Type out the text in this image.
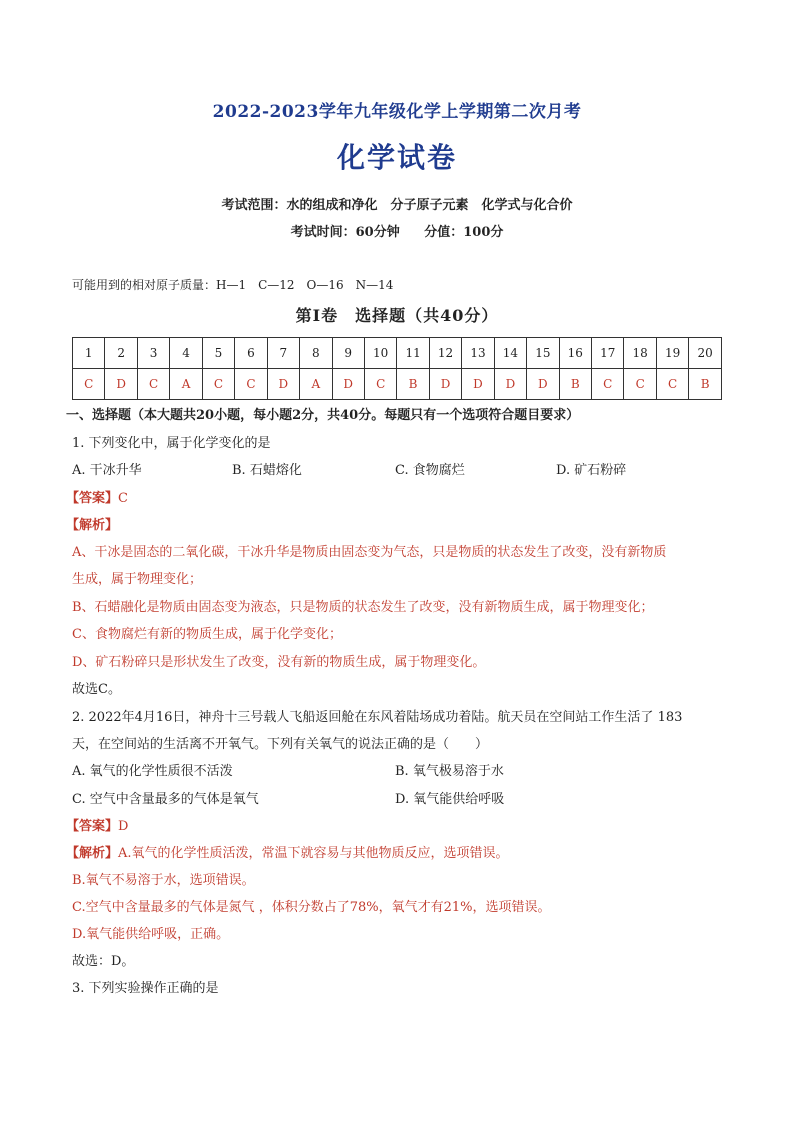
2022-2023学年九年级化学上学期第二次月考
化学试卷
考试范围：水的组成和净化　分子原子元素　化学式与化合价
考试时间：60分钟 分值：100分
可能用到的相对原子质量：H—1　C—12　O—16　N—14
第Ⅰ卷　选择题（共40分）
1	2	3	4	5	6	7	8	9	10	11	12	13	14	15	16	17	18	19	20
C	D	C	A	C	C	D	A	D	C	B	D	D	D	D	B	C	C	C	B
一、选择题（本大题共20小题，每小题2分，共40分。每题只有一个选项符合题目要求）
1. 下列变化中，属于化学变化的是
A. 干冰升华	B. 石蜡熔化	C. 食物腐烂	D. 矿石粉碎
【答案】C
【解析】
A、干冰是固态的二氧化碳，干冰升华是物质由固态变为气态，只是物质的状态发生了改变，没有新物质
生成，属于物理变化；
B、石蜡融化是物质由固态变为液态，只是物质的状态发生了改变，没有新物质生成，属于物理变化；
C、食物腐烂有新的物质生成，属于化学变化；
D、矿石粉碎只是形状发生了改变，没有新的物质生成，属于物理变化。
故选C。
2. 2022年4月16日，神舟十三号载人飞船返回舱在东风着陆场成功着陆。航天员在空间站工作生活了 183
天，在空间站的生活离不开氧气。下列有关氧气的说法正确的是（　　）
A. 氧气的化学性质很不活泼	B. 氧气极易溶于水
C. 空气中含量最多的气体是氧气	D. 氧气能供给呼吸
【答案】D
【解析】A.氧气的化学性质活泼，常温下就容易与其他物质反应，选项错误。
B.氧气不易溶于水，选项错误。
C.空气中含量最多的气体是氮气 ，体积分数占了78%，氧气才有21%，选项错误。
D.氧气能供给呼吸，正确。
故选：D。
3. 下列实验操作正确的是
